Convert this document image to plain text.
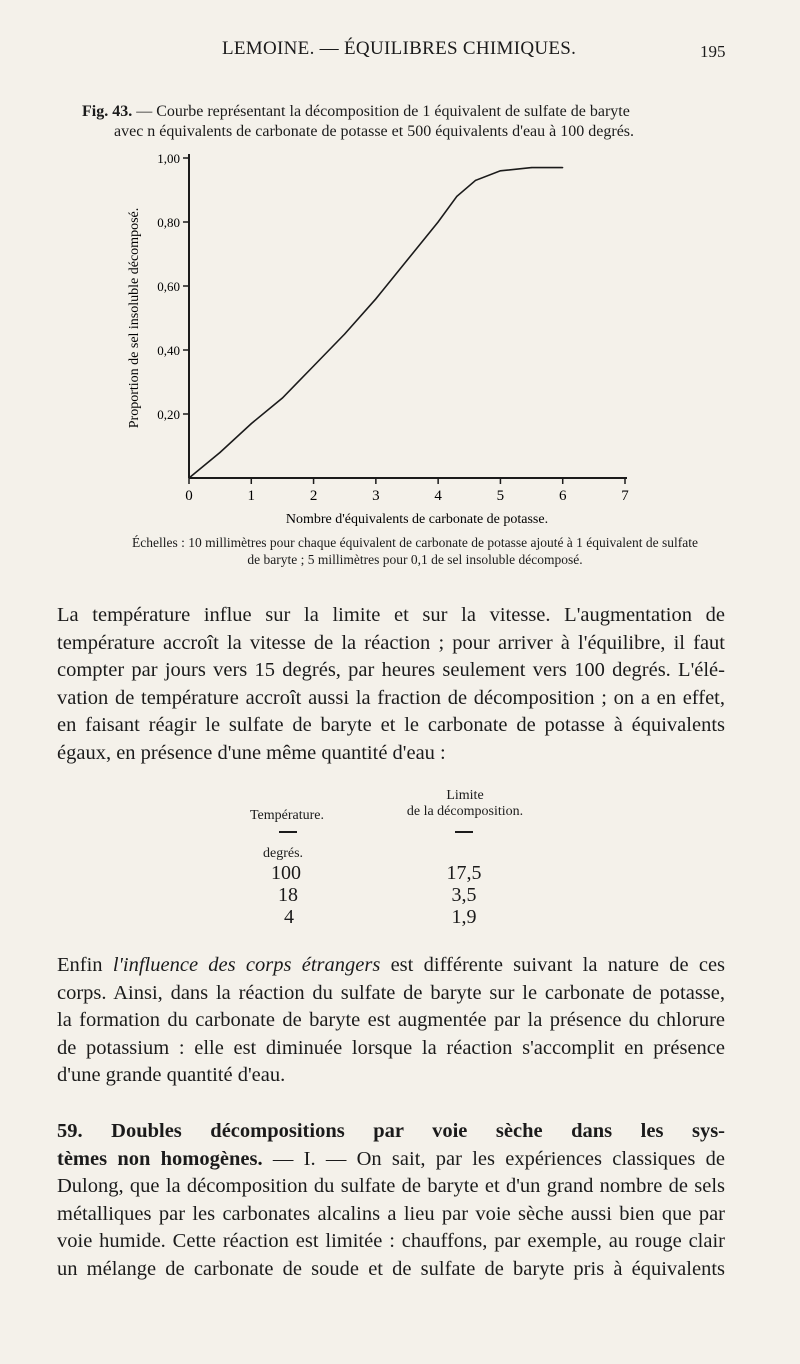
LEMOINE. — ÉQUILIBRES CHIMIQUES.	195
Fig. 43. — Courbe représentant la décomposition de 1 équivalent de sulfate de baryte
avec n équivalents de carbonate de potasse et 500 équivalents d'eau à 100 degrés.
0,20
0,40
0,60
0,80
1,00
0	1	2	3	4	5	6	7
Proportion de sel insoluble décomposé.
Nombre d'équivalents de carbonate de potasse.
Échelles : 10 millimètres pour chaque équivalent de carbonate de potasse ajouté à 1 équivalent de sulfate
de baryte ; 5 millimètres pour 0,1 de sel insoluble décomposé.
La température influe sur la limite et sur la vitesse. L'augmentation de
température accroît la vitesse de la réaction ; pour arriver à l'équilibre, il faut
compter par jours vers 15 degrés, par heures seulement vers 100 degrés. L'élé-
vation de température accroît aussi la fraction de décomposition ; on a en effet,
en faisant réagir le sulfate de baryte et le carbonate de potasse à équivalents
égaux, en présence d'une même quantité d'eau :
Température.
Limite
de la décomposition.
degrés.
100	17,5
18	3,5
4	1,9
Enfin l'influence des corps étrangers est différente suivant la nature de ces
corps. Ainsi, dans la réaction du sulfate de baryte sur le carbonate de potasse,
la formation du carbonate de baryte est augmentée par la présence du chlorure
de potassium : elle est diminuée lorsque la réaction s'accomplit en présence
d'une grande quantité d'eau.
59. Doubles décompositions par voie sèche dans les sys-
tèmes non homogènes. — I. — On sait, par les expériences classiques de
Dulong, que la décomposition du sulfate de baryte et d'un grand nombre de sels
métalliques par les carbonates alcalins a lieu par voie sèche aussi bien que par
voie humide. Cette réaction est limitée : chauffons, par exemple, au rouge clair
un mélange de carbonate de soude et de sulfate de baryte pris à équivalents
